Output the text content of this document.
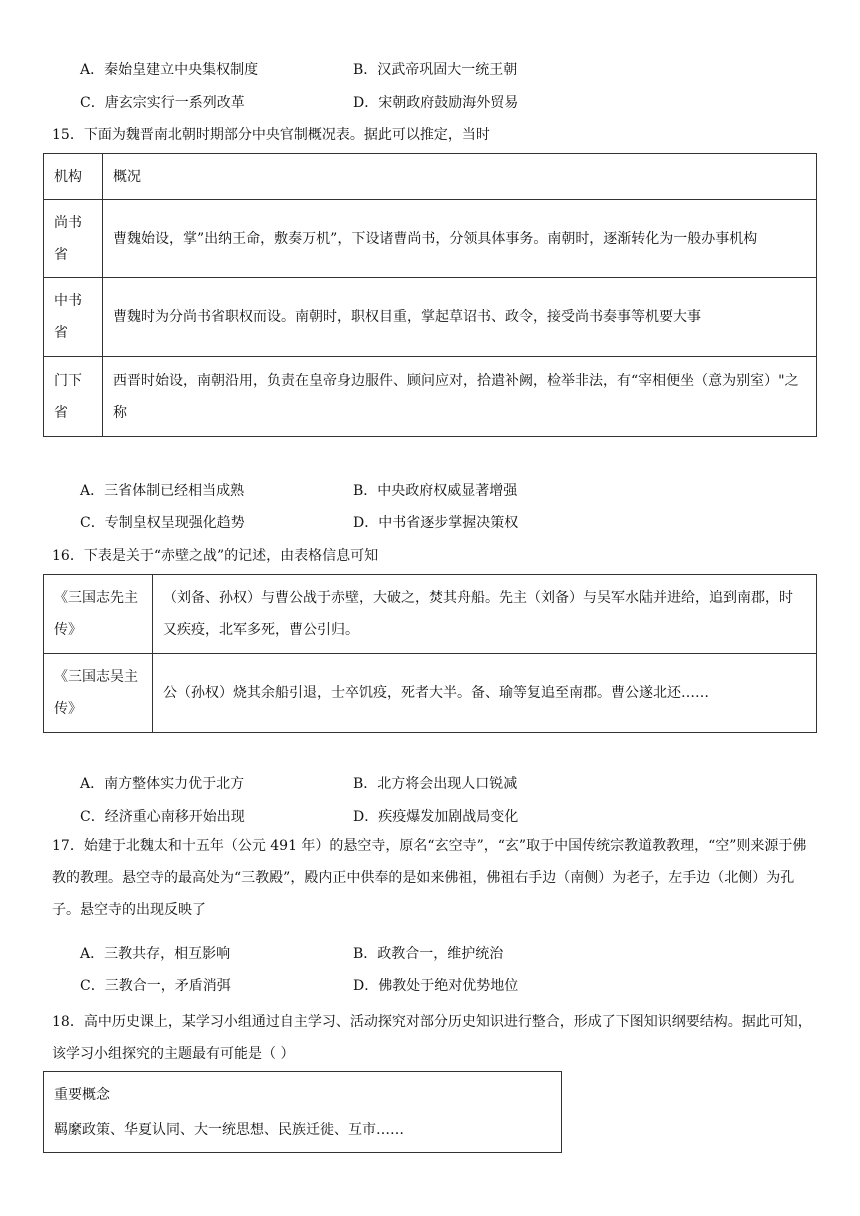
A．秦始皇建立中央集权制度	B．汉武帝巩固大一统王朝
C．唐玄宗实行一系列改革	D．宋朝政府鼓励海外贸易
15．下面为魏晋南北朝时期部分中央官制概况表。据此可以推定，当时
机构	概况
尚书省	曹魏始设，掌”出纳王命，敷奏万机”，下设诸曹尚书，分领具体事务。南朝时，逐渐转化为一般办事机构
中书省	曹魏时为分尚书省职权而设。南朝时，职权目重，掌起草诏书、政令，接受尚书奏事等机要大事
门下省	西晋时始设，南朝沿用，负责在皇帝身边服件、顾问应对，拾遣补阙，检举非法，有“宰相便坐（意为别室）"之称
A．三省体制已经相当成熟	B．中央政府权威显著增强
C．专制皇权呈现强化趋势	D．中书省逐步掌握决策权
16．下表是关于“赤壁之战”的记述，由表格信息可知
《三国志先主传》	（刘备、孙权）与曹公战于赤壁，大破之，焚其舟船。先主（刘备）与吴军水陆并进给，追到南郡，时又疾疫，北军多死，曹公引归。
《三国志吴主传》	公（孙权）烧其余船引退，士卒饥疫，死者大半。备、瑜等复追至南郡。曹公遂北还……
A．南方整体实力优于北方	B．北方将会出现人口锐减
C．经济重心南移开始出现	D．疾疫爆发加剧战局变化
17．始建于北魏太和十五年（公元 491 年）的悬空寺，原名“玄空寺”，“玄”取于中国传统宗教道教教理，“空”则来源于佛教的教理。悬空寺的最高处为“三教殿”，殿内正中供奉的是如来佛祖，佛祖右手边（南侧）为老子，左手边（北侧）为孔子。悬空寺的出现反映了
A．三教共存，相互影响	B．政教合一，维护统治
C．三教合一，矛盾消弭	D．佛教处于绝对优势地位
18．高中历史课上，某学习小组通过自主学习、活动探究对部分历史知识进行整合，形成了下图知识纲要结构。据此可知，该学习小组探究的主题最有可能是（ ）
重要概念
羁縻政策、华夏认同、大一统思想、民族迁徙、互市……
